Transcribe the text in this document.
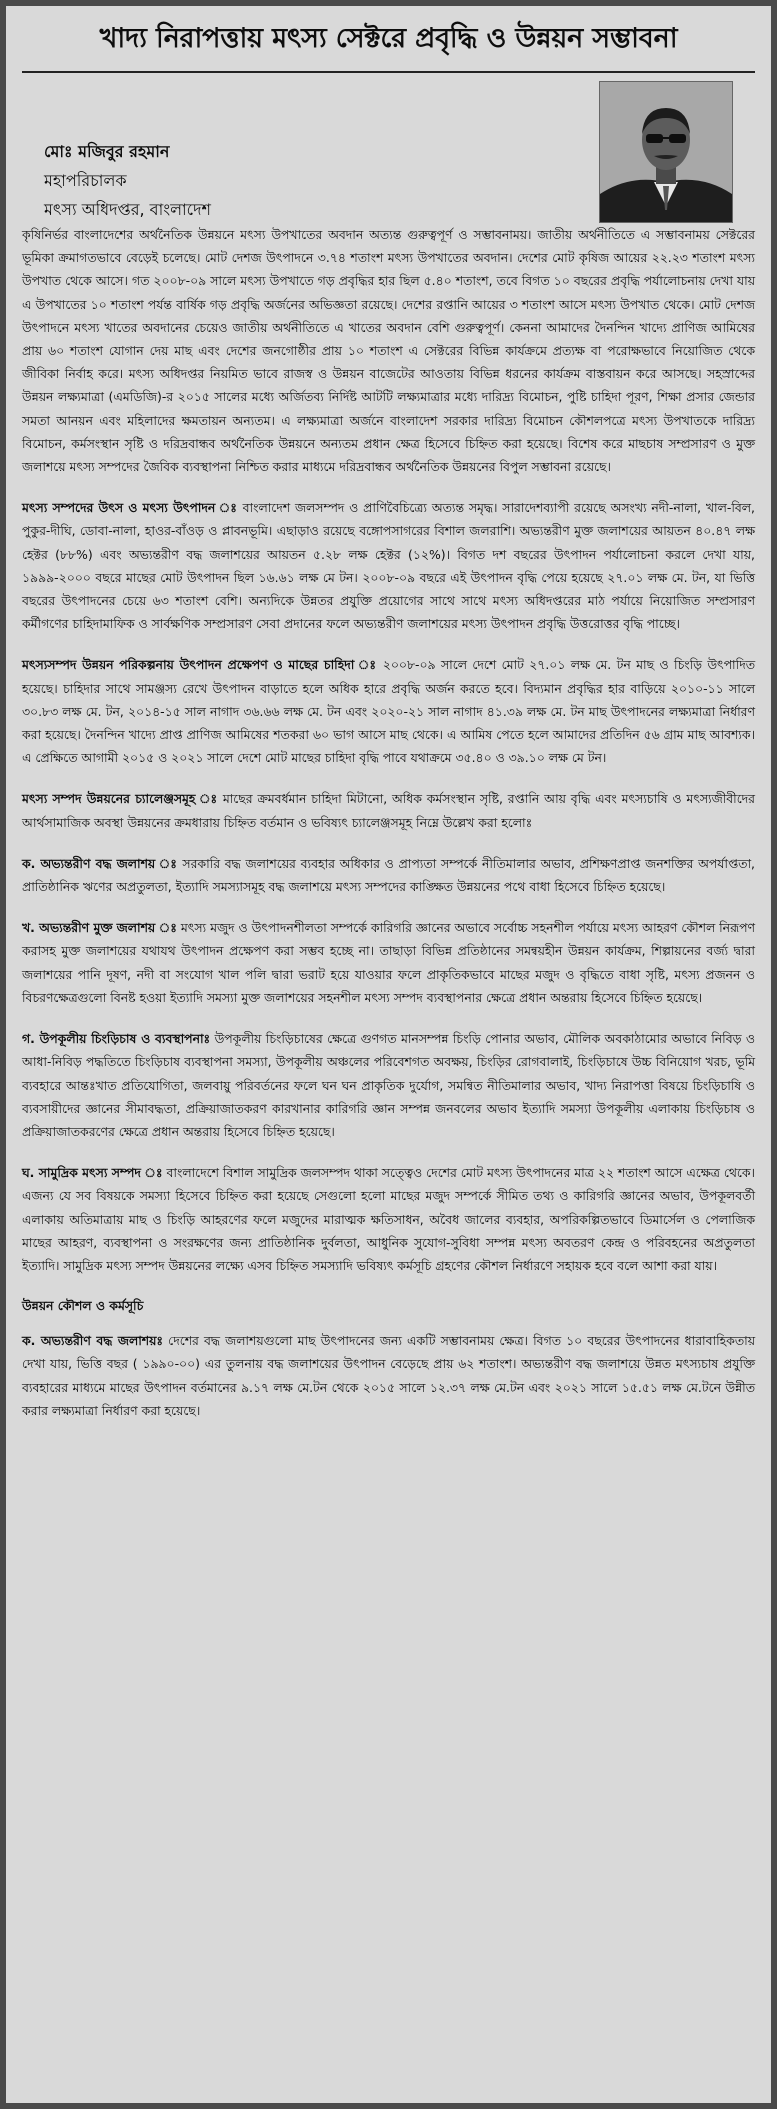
খাদ্য নিরাপত্তায় মৎস্য সেক্টরে প্রবৃদ্ধি ও উন্নয়ন সম্ভাবনা
মোঃ মজিবুর রহমান
মহাপরিচালক
মৎস্য অধিদপ্তর, বাংলাদেশ
কৃষিনির্ভর বাংলাদেশের অর্থনৈতিক উন্নয়নে মৎস্য উপখাতের অবদান অত্যন্ত গুরুত্বপূর্ণ ও সম্ভাবনাময়। জাতীয় অর্থনীতিতে এ সম্ভাবনাময় সেক্টরের ভূমিকা ক্রমাগতভাবে বেড়েই চলেছে। মোট দেশজ উৎপাদনে ৩.৭৪ শতাংশ মৎস্য উপখাতের অবদান। দেশের মোট কৃষিজ আয়ের ২২.২৩ শতাংশ মৎস্য উপখাত থেকে আসে। গত ২০০৮-০৯ সালে মৎস্য উপখাতে গড় প্রবৃদ্ধির হার ছিল ৫.৪০ শতাংশ, তবে বিগত ১০ বছরের প্রবৃদ্ধি পর্যালোচনায় দেখা যায় এ উপখাতের ১০ শতাংশ পর্যন্ত বার্ষিক গড় প্রবৃদ্ধি অর্জনের অভিজ্ঞতা রয়েছে। দেশের রপ্তানি আয়ের ৩ শতাংশ আসে মৎস্য উপখাত থেকে। মোট দেশজ উৎপাদনে মৎস্য খাতের অবদানের চেয়েও জাতীয় অর্থনীতিতে এ খাতের অবদান বেশি গুরুত্বপূর্ণ। কেননা আমাদের দৈনন্দিন খাদ্যে প্রাণিজ আমিষের প্রায় ৬০ শতাংশ যোগান দেয় মাছ এবং দেশের জনগোষ্ঠীর প্রায় ১০ শতাংশ এ সেক্টরের বিভিন্ন কার্যক্রমে প্রত্যক্ষ বা পরোক্ষভাবে নিয়োজিত থেকে জীবিকা নির্বাহ করে। মৎস্য অধিদপ্তর নিয়মিত ভাবে রাজস্ব ও উন্নয়ন বাজেটের আওতায় বিভিন্ন ধরনের কার্যক্রম বাস্তবায়ন করে আসছে। সহস্রাব্দের উন্নয়ন লক্ষ্যমাত্রা (এমডিজি)-র ২০১৫ সালের মধ্যে অর্জিতব্য নির্দিষ্ট আটটি লক্ষ্যমাত্রার মধ্যে দারিদ্র্য বিমোচন, পুষ্টি চাহিদা পূরণ, শিক্ষা প্রসার জেন্ডার সমতা আনয়ন এবং মহিলাদের ক্ষমতায়ন অন্যতম। এ লক্ষ্যমাত্রা অর্জনে বাংলাদেশ সরকার দারিদ্র্য বিমোচন কৌশলপত্রে মৎস্য উপখাতকে দারিদ্র্য বিমোচন, কর্মসংস্থান সৃষ্টি ও দরিদ্রবান্ধব অর্থনৈতিক উন্নয়নে অন্যতম প্রধান ক্ষেত্র হিসেবে চিহ্নিত করা হয়েছে। বিশেষ করে মাছচাষ সম্প্রসারণ ও মুক্ত জলাশয়ে মৎস্য সম্পদের জৈবিক ব্যবস্থাপনা নিশ্চিত করার মাধ্যমে দরিদ্রবান্ধব অর্থনৈতিক উন্নয়নের বিপুল সম্ভাবনা রয়েছে।
মৎস্য সম্পদের উৎস ও মৎস্য উৎপাদন ঃ বাংলাদেশ জলসম্পদ ও প্রাণিবৈচিত্র্যে অত্যন্ত সমৃদ্ধ। সারাদেশব্যাপী রয়েছে অসংখ্য নদী-নালা, খাল-বিল, পুকুর-দীঘি, ডোবা-নালা, হাওর-বাঁওড় ও প্লাবনভূমি। এছাড়াও রয়েছে বঙ্গোপসাগরের বিশাল জলরাশি। অভ্যন্তরীণ মুক্ত জলাশয়ের আয়তন ৪০.৪৭ লক্ষ হেক্টর (৮৮%) এবং অভ্যন্তরীণ বদ্ধ জলাশয়ের আয়তন ৫.২৮ লক্ষ হেক্টর (১২%)। বিগত দশ বছরের উৎপাদন পর্যালোচনা করলে দেখা যায়, ১৯৯৯-২০০০ বছরে মাছের মোট উৎপাদন ছিল ১৬.৬১ লক্ষ মে টন। ২০০৮-০৯ বছরে এই উৎপাদন বৃদ্ধি পেয়ে হয়েছে ২৭.০১ লক্ষ মে. টন, যা ভিত্তি বছরের উৎপাদনের চেয়ে ৬৩ শতাংশ বেশি। অন্যদিকে উন্নতর প্রযুক্তি প্রয়োগের সাথে সাথে মৎস্য অধিদপ্তরের মাঠ পর্যায়ে নিয়োজিত সম্প্রসারণ কর্মীগণের চাহিদামাফিক ও সার্বক্ষণিক সম্প্রসারণ সেবা প্রদানের ফলে অভ্যন্তরীণ জলাশয়ের মৎস্য উৎপাদন প্রবৃদ্ধি উত্তরোত্তর বৃদ্ধি পাচ্ছে।
মৎস্যসম্পদ উন্নয়ন পরিকল্পনায় উৎপাদন প্রক্ষেপণ ও মাছের চাহিদা ঃ ২০০৮-০৯ সালে দেশে মোট ২৭.০১ লক্ষ মে. টন মাছ ও চিংড়ি উৎপাদিত হয়েছে। চাহিদার সাথে সামঞ্জস্য রেখে উৎপাদন বাড়াতে হলে অধিক হারে প্রবৃদ্ধি অর্জন করতে হবে। বিদ্যমান প্রবৃদ্ধির হার বাড়িয়ে ২০১০-১১ সালে ৩০.৮৩ লক্ষ মে. টন, ২০১৪-১৫ সাল নাগাদ ৩৬.৬৬ লক্ষ মে. টন এবং ২০২০-২১ সাল নাগাদ ৪১.৩৯ লক্ষ মে. টন মাছ উৎপাদনের লক্ষ্যমাত্রা নির্ধারণ করা হয়েছে। দৈনন্দিন খাদ্যে প্রাপ্ত প্রাণিজ আমিষের শতকরা ৬০ ভাগ আসে মাছ থেকে। এ আমিষ পেতে হলে আমাদের প্রতিদিন ৫৬ গ্রাম মাছ আবশ্যক। এ প্রেক্ষিতে আগামী ২০১৫ ও ২০২১ সালে দেশে মোট মাছের চাহিদা বৃদ্ধি পাবে যথাক্রমে ৩৫.৪০ ও ৩৯.১০ লক্ষ মে টন।
মৎস্য সম্পদ উন্নয়নের চ্যালেঞ্জসমূহ ঃ মাছের ক্রমবর্ধমান চাহিদা মিটানো, অধিক কর্মসংস্থান সৃষ্টি, রপ্তানি আয় বৃদ্ধি এবং মৎস্যচাষি ও মৎস্যজীবীদের আর্থসামাজিক অবস্থা উন্নয়নের ক্রমধারায় চিহ্নিত বর্তমান ও ভবিষ্যৎ চ্যালেঞ্জসমূহ নিম্নে উল্লেখ করা হলোঃ
ক. অভ্যন্তরীণ বদ্ধ জলাশয় ঃ সরকারি বদ্ধ জলাশয়ের ব্যবহার অধিকার ও প্রাপ্যতা সম্পর্কে নীতিমালার অভাব, প্রশিক্ষণপ্রাপ্ত জনশক্তির অপর্যাপ্ততা, প্রাতিষ্ঠানিক ঋণের অপ্রতুলতা, ইত্যাদি সমস্যাসমূহ বদ্ধ জলাশয়ে মৎস্য সম্পদের কাঙ্ক্ষিত উন্নয়নের পথে বাধা হিসেবে চিহ্নিত হয়েছে।
খ. অভ্যন্তরীণ মুক্ত জলাশয় ঃ মৎস্য মজুদ ও উৎপাদনশীলতা সম্পর্কে কারিগরি জ্ঞানের অভাবে সর্বোচ্চ সহনশীল পর্যায়ে মৎস্য আহরণ কৌশল নিরূপণ করাসহ মুক্ত জলাশয়ের যথাযথ উৎপাদন প্রক্ষেপণ করা সম্ভব হচ্ছে না। তাছাড়া বিভিন্ন প্রতিষ্ঠানের সমন্বয়হীন উন্নয়ন কার্যক্রম, শিল্পায়নের বর্জ্য দ্বারা জলাশয়ের পানি দূষণ, নদী বা সংযোগ খাল পলি দ্বারা ভরাট হয়ে যাওয়ার ফলে প্রাকৃতিকভাবে মাছের মজুদ ও বৃদ্ধিতে বাধা সৃষ্টি, মৎস্য প্রজনন ও বিচরণক্ষেত্রগুলো বিনষ্ট হওয়া ইত্যাদি সমস্যা মুক্ত জলাশয়ের সহনশীল মৎস্য সম্পদ ব্যবস্থাপনার ক্ষেত্রে প্রধান অন্তরায় হিসেবে চিহ্নিত হয়েছে।
গ. উপকূলীয় চিংড়িচাষ ও ব্যবস্থাপনাঃ উপকূলীয় চিংড়িচাষের ক্ষেত্রে গুণগত মানসম্পন্ন চিংড়ি পোনার অভাব, মৌলিক অবকাঠামোর অভাবে নিবিড় ও আধা-নিবিড় পদ্ধতিতে চিংড়িচাষ ব্যবস্থাপনা সমস্যা, উপকূলীয় অঞ্চলের পরিবেশগত অবক্ষয়, চিংড়ির রোগবালাই, চিংড়িচাষে উচ্চ বিনিয়োগ খরচ, ভূমি ব্যবহারে আন্তঃখাত প্রতিযোগিতা, জলবায়ু পরিবর্তনের ফলে ঘন ঘন প্রাকৃতিক দুর্যোগ, সমন্বিত নীতিমালার অভাব, খাদ্য নিরাপত্তা বিষয়ে চিংড়িচাষি ও ব্যবসায়ীদের জ্ঞানের সীমাবদ্ধতা, প্রক্রিয়াজাতকরণ কারখানার কারিগরি জ্ঞান সম্পন্ন জনবলের অভাব ইত্যাদি সমস্যা উপকূলীয় এলাকায় চিংড়িচাষ ও প্রক্রিয়াজাতকরণের ক্ষেত্রে প্রধান অন্তরায় হিসেবে চিহ্নিত হয়েছে।
ঘ. সামুদ্রিক মৎস্য সম্পদ ঃ বাংলাদেশে বিশাল সামুদ্রিক জলসম্পদ থাকা সত্ত্বেও দেশের মোট মৎস্য উৎপাদনের মাত্র ২২ শতাংশ আসে এক্ষেত্র থেকে। এজন্য যে সব বিষয়কে সমস্যা হিসেবে চিহ্নিত করা হয়েছে সেগুলো হলো মাছের মজুদ সম্পর্কে সীমিত তথ্য ও কারিগরি জ্ঞানের অভাব, উপকূলবর্তী এলাকায় অতিমাত্রায় মাছ ও চিংড়ি আহরণের ফলে মজুদের মারাত্মক ক্ষতিসাধন, অবৈধ জালের ব্যবহার, অপরিকল্পিতভাবে ডিমার্সেল ও পেলাজিক মাছের আহরণ, ব্যবস্থাপনা ও সংরক্ষণের জন্য প্রাতিষ্ঠানিক দুর্বলতা, আধুনিক সুযোগ-সুবিধা সম্পন্ন মৎস্য অবতরণ কেন্দ্র ও পরিবহনের অপ্রতুলতা ইত্যাদি। সামুদ্রিক মৎস্য সম্পদ উন্নয়নের লক্ষ্যে এসব চিহ্নিত সমস্যাদি ভবিষ্যৎ কর্মসূচি গ্রহণের কৌশল নির্ধারণে সহায়ক হবে বলে আশা করা যায়।
উন্নয়ন কৌশল ও কর্মসূচি
ক. অভ্যন্তরীণ বদ্ধ জলাশয়ঃ দেশের বদ্ধ জলাশয়গুলো মাছ উৎপাদনের জন্য একটি সম্ভাবনাময় ক্ষেত্র। বিগত ১০ বছরের উৎপাদনের ধারাবাহিকতায় দেখা যায়, ভিত্তি বছর ( ১৯৯০-০০) এর তুলনায় বদ্ধ জলাশয়ের উৎপাদন বেড়েছে প্রায় ৬২ শতাংশ। অভ্যন্তরীণ বদ্ধ জলাশয়ে উন্নত মৎস্যচাষ প্রযুক্তি ব্যবহারের মাধ্যমে মাছের উৎপাদন বর্তমানের ৯.১৭ লক্ষ মে.টন থেকে ২০১৫ সালে ১২.৩৭ লক্ষ মে.টন এবং ২০২১ সালে ১৫.৫১ লক্ষ মে.টনে উন্নীত করার লক্ষ্যমাত্রা নির্ধারণ করা হয়েছে।
